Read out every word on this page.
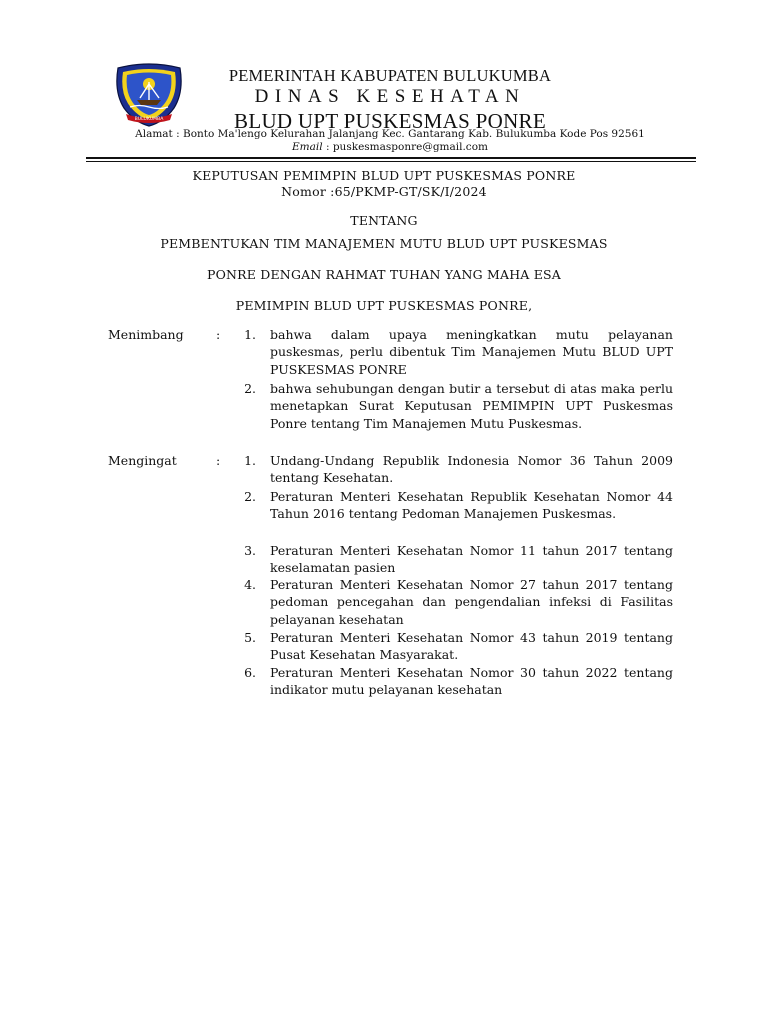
BULUKUMBA
PEMERINTAH KABUPATEN BULUKUMBA
DINAS KESEHATAN
BLUD UPT PUSKESMAS PONRE
Alamat : Bonto Ma'lengo Kelurahan Jalanjang Kec. Gantarang Kab. Bulukumba Kode Pos 92561
Email : puskesmasponre@gmail.com
KEPUTUSAN PEMIMPIN BLUD UPT PUSKESMAS PONRE
Nomor :65/PKMP-GT/SK/I/2024
TENTANG
PEMBENTUKAN TIM MANAJEMEN MUTU BLUD UPT PUSKESMAS
PONRE DENGAN RAHMAT TUHAN YANG MAHA ESA
PEMIMPIN BLUD UPT PUSKESMAS PONRE,
Menimbang	:	1. bahwa dalam upaya meningkatkan mutu pelayanan puskesmas, perlu dibentuk Tim Manajemen Mutu BLUD UPT PUSKESMAS PONRE
2. bahwa sehubungan dengan butir a tersebut di atas maka perlu menetapkan Surat Keputusan PEMIMPIN UPT Puskesmas Ponre tentang Tim Manajemen Mutu Puskesmas.
Mengingat	:	1. Undang-Undang Republik Indonesia Nomor 36 Tahun 2009 tentang Kesehatan.
2. Peraturan Menteri Kesehatan Republik Kesehatan Nomor 44 Tahun 2016 tentang Pedoman Manajemen Puskesmas.
3. Peraturan Menteri Kesehatan Nomor 11 tahun 2017 tentang keselamatan pasien
4. Peraturan Menteri Kesehatan Nomor 27 tahun 2017 tentang pedoman pencegahan dan pengendalian infeksi di Fasilitas pelayanan kesehatan
5. Peraturan Menteri Kesehatan Nomor 43 tahun 2019 tentang Pusat Kesehatan Masyarakat.
6. Peraturan Menteri Kesehatan Nomor 30 tahun 2022 tentang indikator mutu pelayanan kesehatan
